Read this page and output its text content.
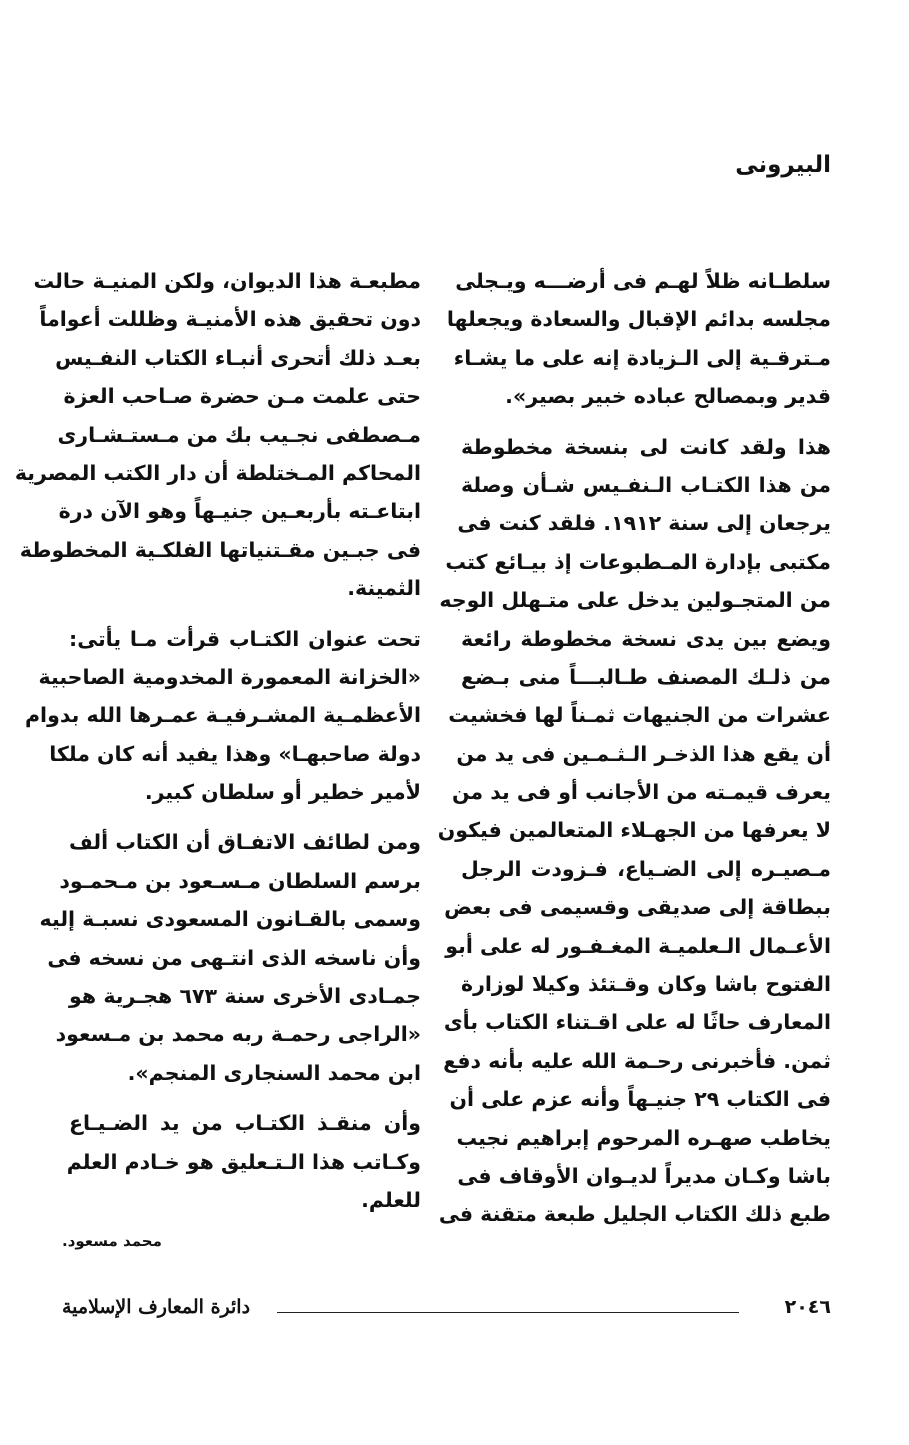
البيرونى
سلطـانه ظلاً لهـم فى أرضـــه ويـجلى
مجلسه بدائم الإقبال والسعادة ويجعلها
مـترقـية إلى الـزيادة إنه على ما يشـاء
قدير وبمصالح عباده خبير بصير».
هذا ولقد كانت لى بنسخة مخطوطة
من هذا الكتـاب الـنفـيس شـأن وصلة
يرجعان إلى سنة ١٩١٢. فلقد كنت فى
مكتبى بإدارة المـطبوعات إذ بيـائع كتب
من المتجـولين يدخل على متـهلل الوجه
ويضع بين يدى نسخة مخطوطة رائعة
من ذلـك المصنف طـالبـــاً منى بـضع
عشرات من الجنيهات ثمـناً لها فخشيت
أن يقع هذا الذخـر الـثـمـين فى يد من
يعرف قيمـته من الأجانب أو فى يد من
لا يعرفها من الجهـلاء المتعالمين فيكون
مـصيـره إلى الضـياع، فـزودت الرجل
ببطاقة إلى صديقى وقسيمى فى بعض
الأعـمال الـعلميـة المغـفـور له على أبو
الفتوح باشا وكان وقـتئذ وكيلا لوزارة
المعارف حاثًا له على اقـتناء الكتاب بأى
ثمن. فأخبرنى رحـمة الله عليه بأنه دفع
فى الكتاب ٢٩ جنيـهاً وأنه عزم على أن
يخاطب صهـره المرحوم إبراهيم نجيب
باشا وكـان مديراً لديـوان الأوقاف فى
طبع ذلك الكتاب الجليل طبعة متقنة فى
مطبعـة هذا الديوان، ولكن المنيـة حالت
دون تحقيق هذه الأمنيـة وظللت أعواماً
بعـد ذلك أتحرى أنبـاء الكتاب النفـيس
حتى علمت مـن حضرة صـاحب العزة
مـصطفى نجـيب بك من مـستـشـارى
المحاكم المـختلطة أن دار الكتب المصرية
ابتاعـته بأربعـين جنيـهاً وهو الآن درة
فى جبـين مقـتنياتها الفلكـية المخطوطة
الثمينة.
تحت عنوان الكتـاب قرأت مـا يأتى:
«الخزانة المعمورة المخدومية الصاحبية
الأعظمـية المشـرفيـة عمـرها الله بدوام
دولة صاحبهـا» وهذا يفيد أنه كان ملكا
لأمير خطير أو سلطان كبير.
ومن لطائف الاتفـاق أن الكتاب ألف
برسم السلطان مـسـعود بن مـحمـود
وسمى بالقـانون المسعودى نسبـة إليه
وأن ناسخه الذى انتـهى من نسخه فى
جمـادى الأخرى سنة ٦٧٣ هجـرية هو
«الراجى رحمـة ربه محمد بن مـسعود
ابن محمد السنجارى المنجم».
وأن منقـذ الكتـاب من يد الضـيـاع
وكـاتب هذا الـتـعليق هو خـادم العلم
للعلم.
محمد مسعود.
٢٠٤٦
دائرة المعارف الإسلامية
